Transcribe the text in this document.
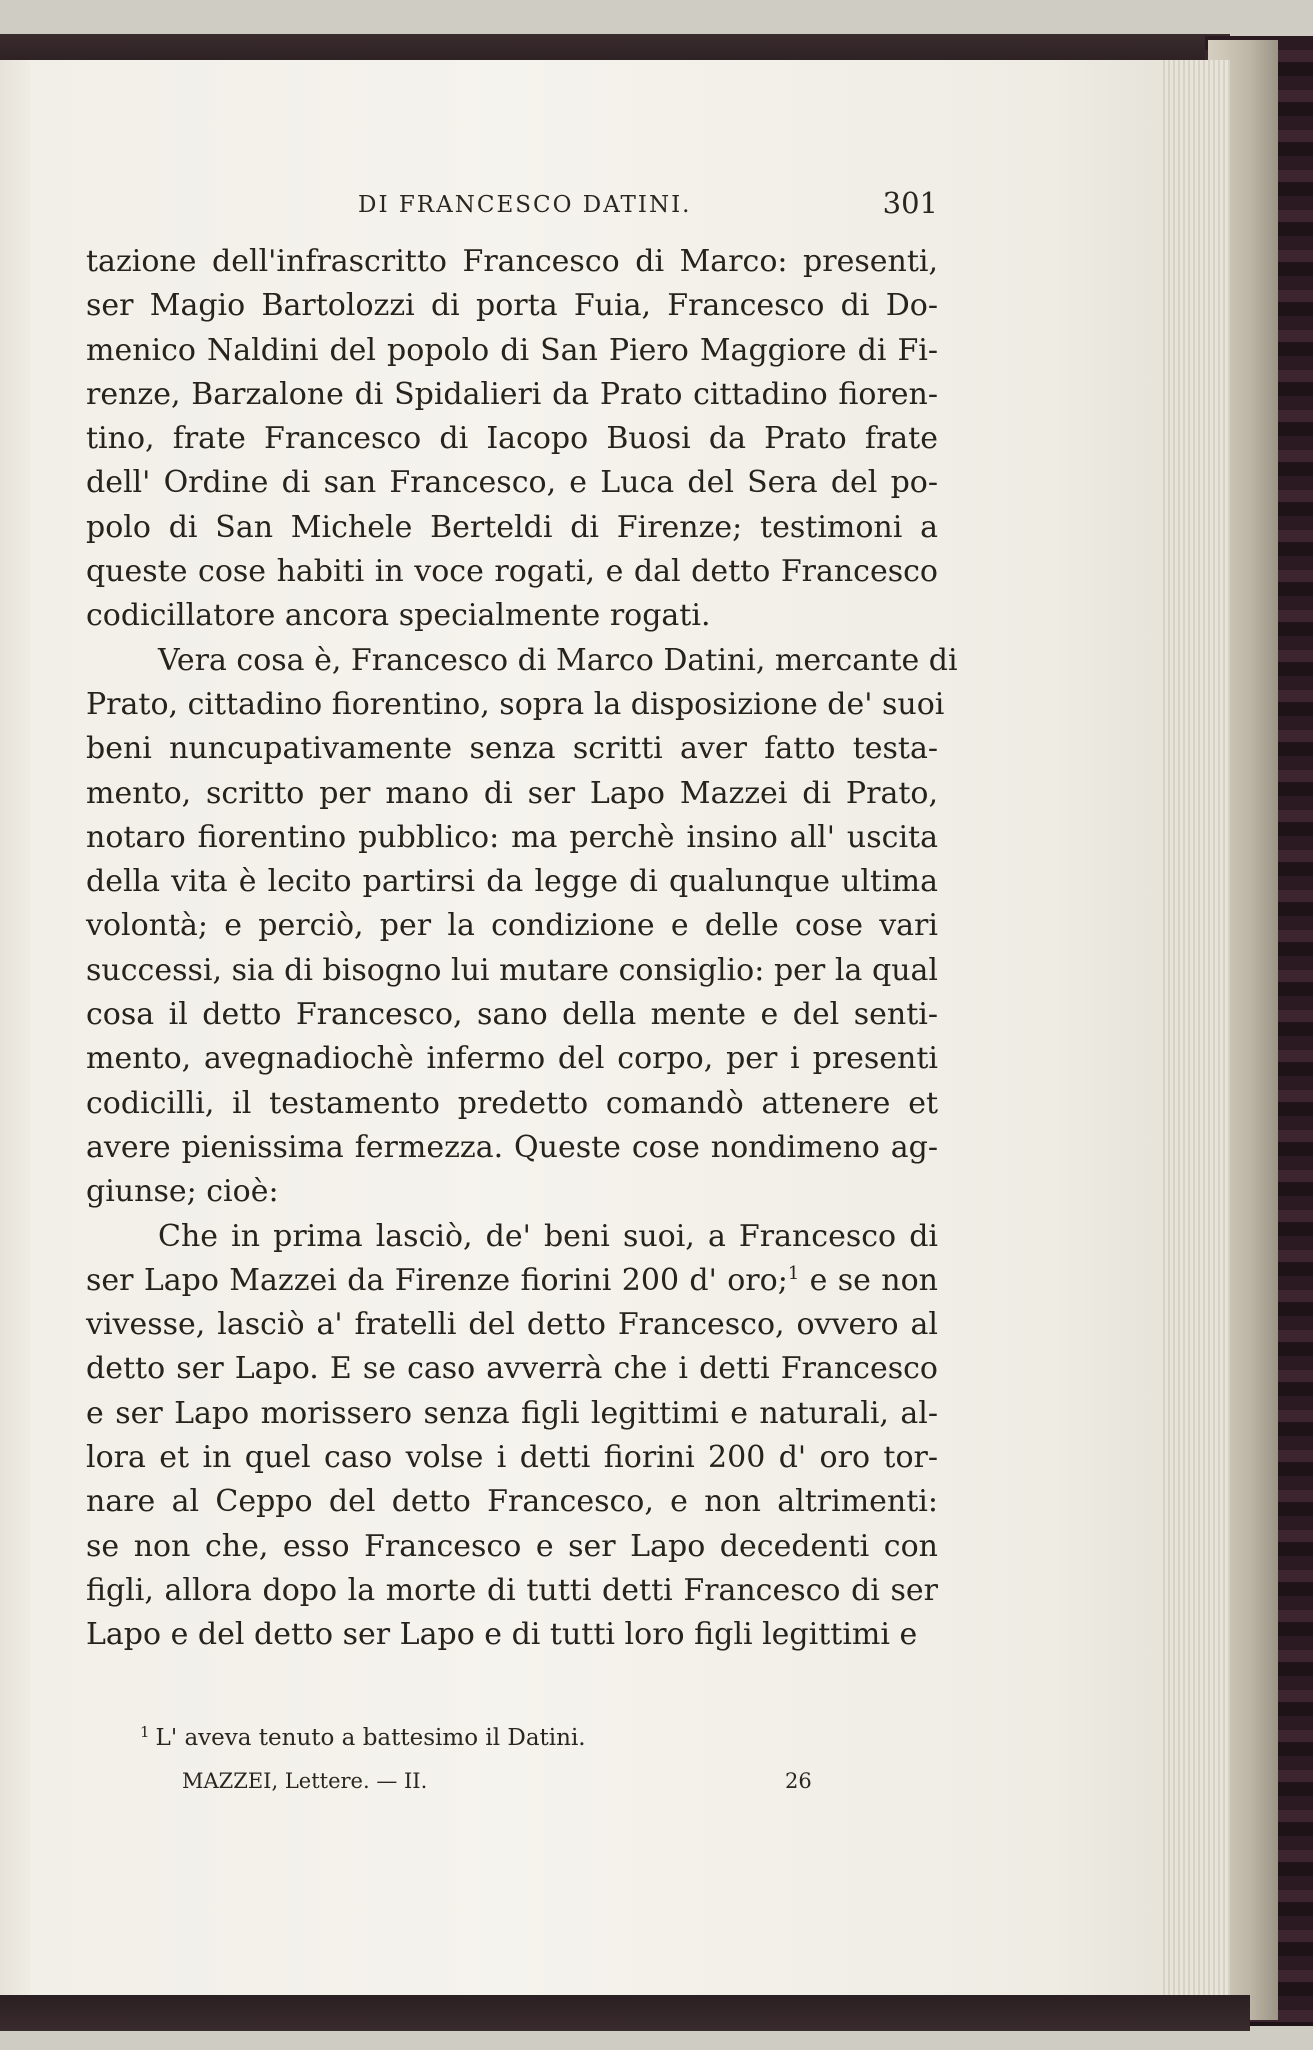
DI FRANCESCO DATINI.	301
tazione dell'infrascritto Francesco di Marco: presenti,
ser Magio Bartolozzi di porta Fuia, Francesco di Do-
menico Naldini del popolo di San Piero Maggiore di Fi-
renze, Barzalone di Spidalieri da Prato cittadino fioren-
tino, frate Francesco di Iacopo Buosi da Prato frate
dell' Ordine di san Francesco, e Luca del Sera del po-
polo di San Michele Berteldi di Firenze; testimoni a
queste cose habiti in voce rogati, e dal detto Francesco
codicillatore ancora specialmente rogati.
Vera cosa è, Francesco di Marco Datini, mercante di
Prato, cittadino fiorentino, sopra la disposizione de' suoi
beni nuncupativamente senza scritti aver fatto testa-
mento, scritto per mano di ser Lapo Mazzei di Prato,
notaro fiorentino pubblico: ma perchè insino all' uscita
della vita è lecito partirsi da legge di qualunque ultima
volontà; e perciò, per la condizione e delle cose vari
successi, sia di bisogno lui mutare consiglio: per la qual
cosa il detto Francesco, sano della mente e del senti-
mento, avegnadiochè infermo del corpo, per i presenti
codicilli, il testamento predetto comandò attenere et
avere pienissima fermezza. Queste cose nondimeno ag-
giunse; cioè:
Che in prima lasciò, de' beni suoi, a Francesco di
ser Lapo Mazzei da Firenze fiorini 200 d' oro;$^1$ e se non
vivesse, lasciò a' fratelli del detto Francesco, ovvero al
detto ser Lapo. E se caso avverrà che i detti Francesco
e ser Lapo morissero senza figli legittimi e naturali, al-
lora et in quel caso volse i detti fiorini 200 d' oro tor-
nare al Ceppo del detto Francesco, e non altrimenti:
se non che, esso Francesco e ser Lapo decedenti con
figli, allora dopo la morte di tutti detti Francesco di ser
Lapo e del detto ser Lapo e di tutti loro figli legittimi e
$^1$ L' aveva tenuto a battesimo il Datini.
MAZZEI, Lettere. — II.	26
